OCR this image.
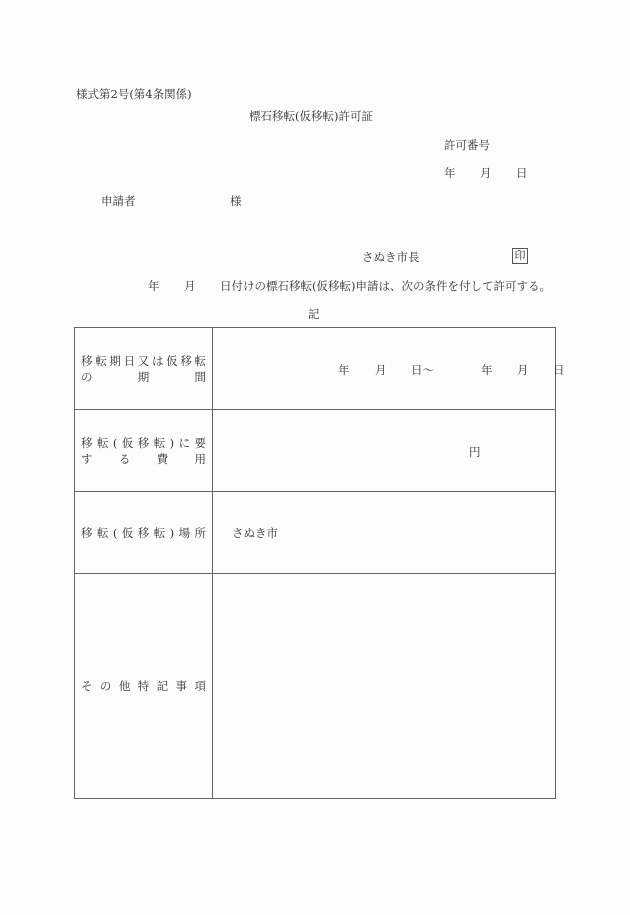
様式第2号(第4条関係)
標石移転(仮移転)許可証
許可番号
年 月 日
申請者	様
さぬき市長	印
年 月 日付けの標石移転(仮移転)申請は、次の条件を付して許可する。
記
移 転 期 日 又 は 仮 移 転
の	期	間	年 月 日〜	年 月 日

移 転 ( 仮 移 転 ) に 要
す る 費 用	円

移 転 ( 仮 移 転 ) 場 所	さぬき市

そ の 他 特 記 事 項
